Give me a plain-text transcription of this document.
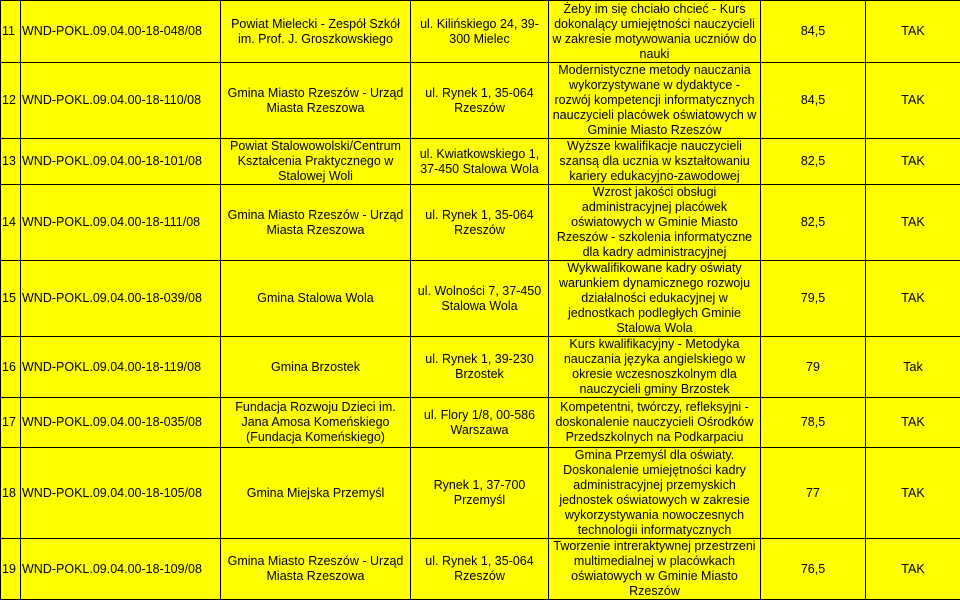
11	WND-POKL.09.04.00-18-048/08	Powiat Mielecki - Zespół Szkół im. Prof. J. Groszkowskiego	ul. Kilińskiego 24, 39-300 Mielec	Żeby im się chciało chcieć - Kurs dokonalący umiejętności nauczycieli w zakresie motywowania uczniów do nauki	84,5	TAK
12	WND-POKL.09.04.00-18-110/08	Gmina Miasto Rzeszów - Urząd Miasta Rzeszowa	ul. Rynek 1, 35-064 Rzeszów	Modernistyczne metody nauczania wykorzystywane w dydaktyce - rozwój kompetencji informatycznych nauczycieli placówek oświatowych w Gminie Miasto Rzeszów	84,5	TAK
13	WND-POKL.09.04.00-18-101/08	Powiat Stalowowolski/Centrum Kształcenia Praktycznego w Stalowej Woli	ul. Kwiatkowskiego 1, 37-450 Stalowa Wola	Wyższe kwalifikacje nauczycieli szansą dla ucznia w kształtowaniu kariery edukacyjno-zawodowej	82,5	TAK
14	WND-POKL.09.04.00-18-111/08	Gmina Miasto Rzeszów - Urząd Miasta Rzeszowa	ul. Rynek 1, 35-064 Rzeszów	Wzrost jakości obsługi administracyjnej placówek oświatowych w Gminie Miasto Rzeszów - szkolenia informatyczne dla kadry administracyjnej	82,5	TAK
15	WND-POKL.09.04.00-18-039/08	Gmina Stalowa Wola	ul. Wolności 7, 37-450 Stalowa Wola	Wykwalifikowane kadry oświaty warunkiem dynamicznego rozwoju działalności edukacyjnej w jednostkach podległych Gminie Stalowa Wola	79,5	TAK
16	WND-POKL.09.04.00-18-119/08	Gmina Brzostek	ul. Rynek 1, 39-230 Brzostek	Kurs kwalifikacyjny - Metodyka nauczania języka angielskiego w okresie wczesnoszkolnym dla nauczycieli gminy Brzostek	79	Tak
17	WND-POKL.09.04.00-18-035/08	Fundacja Rozwoju Dzieci im. Jana Amosa Komeńskiego (Fundacja Komeńskiego)	ul. Flory 1/8, 00-586 Warszawa	Kompetentni, twórczy, refleksyjni - doskonalenie nauczycieli Ośrodków Przedszkolnych na Podkarpaciu	78,5	TAK
18	WND-POKL.09.04.00-18-105/08	Gmina Miejska Przemyśl	Rynek 1, 37-700 Przemyśl	Gmina Przemyśl dla oświaty. Doskonalenie umiejętności kadry administracyjnej przemyskich jednostek oświatowych w zakresie wykorzystywania nowoczesnych technologii informatycznych	77	TAK
19	WND-POKL.09.04.00-18-109/08	Gmina Miasto Rzeszów - Urząd Miasta Rzeszowa	ul. Rynek 1, 35-064 Rzeszów	Tworzenie intreraktywnej przestrzeni multimedialnej w placówkach oświatowych w Gminie Miasto Rzeszów	76,5	TAK
